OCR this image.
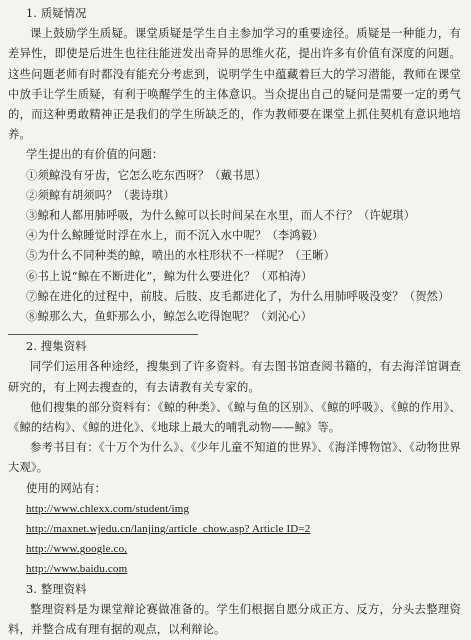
1. 质疑情况

课上鼓励学生质疑。课堂质疑是学生自主参加学习的重要途径。质疑是一种能力，有差异性，即使是后进生也往往能迸发出奇异的思维火花，提出许多有价值有深度的问题。这些问题老师有时都没有能充分考虑到，说明学生中蕴藏着巨大的学习潜能，教师在课堂中放手让学生质疑，有利于唤醒学生的主体意识。当众提出自己的疑问是需要一定的勇气的，而这种勇敢精神正是我们的学生所缺乏的，作为教师要在课堂上抓住契机有意识地培养。

学生提出的有价值的问题：

①须鲸没有牙齿，它怎么吃东西呀？（戴书思）
②须鲸有胡须吗？（裴诗琪）
③鲸和人都用肺呼吸，为什么鲸可以长时间呆在水里，而人不行？（许妮琪）
④为什么鲸睡觉时浮在水上，而不沉入水中呢？（李鸿毅）
⑤为什么不同种类的鲸，喷出的水柱形状不一样呢？（王晰）
⑥书上说“鲸在不断进化”，鲸为什么要进化？（邓柏涛）
⑦鲸在进化的过程中，前肢、后肢、皮毛都进化了，为什么用肺呼吸没变？（贺然）
⑧鲸那么大，鱼虾那么小，鲸怎么吃得饱呢？（刘沁心）

2. 搜集资料

同学们运用各种途经，搜集到了许多资料。有去图书馆查阅书籍的，有去海洋馆调查研究的，有上网去搜查的，有去请教有关专家的。

他们搜集的部分资料有：《鲸的种类》、《鲸与鱼的区别》、《鲸的呼吸》、《鲸的作用》、《鲸的结构》、《鲸的进化》、《地球上最大的哺乳动物——鲸》等。

参考书目有：《十万个为什么》、《少年儿童不知道的世界》、《海洋博物馆》、《动物世界大观》。

使用的网站有：

http://www.chlexx.com/student/img
http://maxnet.wjedu.cn/lanjing/article_chow.asp? Article ID=2
http://www.google.co,
http://www.baidu.com

3. 整理资料

整理资料是为课堂辩论赛做准备的。学生们根据自愿分成正方、反方，分头去整理资料，并整合成有理有据的观点，以利辩论。
